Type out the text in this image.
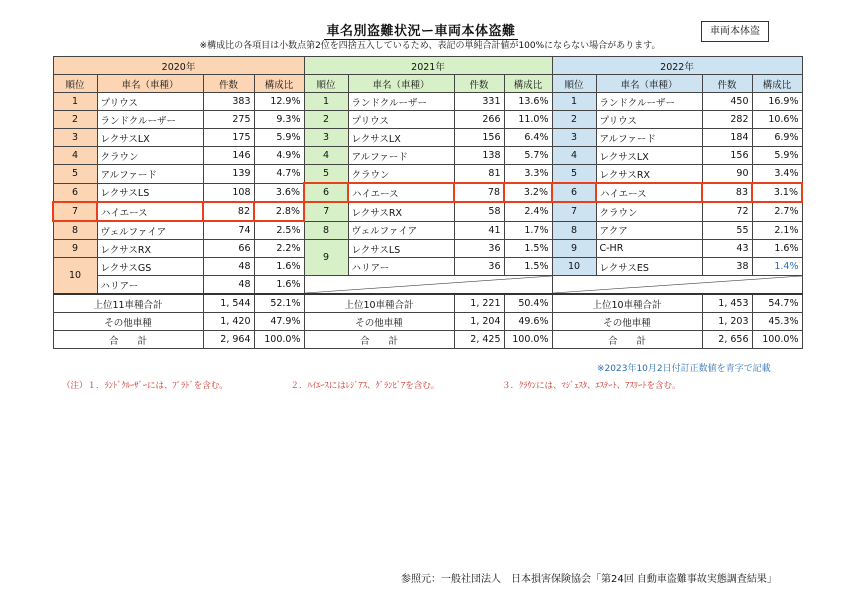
車名別盗難状況ー車両本体盗難	車両本体盗
※構成比の各項目は小数点第2位を四捨五入しているため、表記の単純合計値が100%にならない場合があります。
2020年				2021年				2022年			
順位	車名（車種）	件数	構成比	順位	車名（車種）	件数	構成比	順位	車名（車種）	件数	構成比
1	プリウス	383	12.9%	1	ランドクルーザー	331	13.6%	1	ランドクルーザー	450	16.9%
2	ランドクルーザー	275	9.3%	2	プリウス	266	11.0%	2	プリウス	282	10.6%
3	レクサスLX	175	5.9%	3	レクサスLX	156	6.4%	3	アルファード	184	6.9%
4	クラウン	146	4.9%	4	アルファード	138	5.7%	4	レクサスLX	156	5.9%
5	アルファード	139	4.7%	5	クラウン	81	3.3%	5	レクサスRX	90	3.4%
6	レクサスLS	108	3.6%	6	ハイエース	78	3.2%	6	ハイエース	83	3.1%
7	ハイエース	82	2.8%	7	レクサスRX	58	2.4%	7	クラウン	72	2.7%
8	ヴェルファイア	74	2.5%	8	ヴェルファイア	41	1.7%	8	アクア	55	2.1%
9	レクサスRX	66	2.2%	9	レクサスLS	36	1.5%	9	C-HR	43	1.6%
10	レクサスGS	48	1.6%		ハリアー	36	1.5%	10	レクサスES	38	1.4%
	ハリアー	48	1.6%	

上位11車種合計		1, 544	52.1%	上位10車種合計		1, 221	50.4%	上位10車種合計		1, 453	54.7%
その他車種		1, 420	47.9%	その他車種		1, 204	49.6%	その他車種		1, 203	45.3%
合　　計		2, 964	100.0%	合　　計		2, 425	100.0%	合　　計		2, 656	100.0%
※2023年10月2日付訂正数値を青字で記載
（注）１．ﾗﾝﾄﾞｸﾙｰｻﾞｰには、ﾌﾟﾗﾄﾞを含む。	２．ﾊｲｴｰｽにはﾚｼﾞｱｽ、ｸﾞﾗﾝﾋﾞｱを含む。	３．ｸﾗｳﾝには、ﾏｼﾞｪｽﾀ、ｴｽﾃｰﾄ、ｱｽﾘｰﾄを含む。
参照元：一般社団法人　日本損害保険協会「第24回 自動車盗難事故実態調査結果」
